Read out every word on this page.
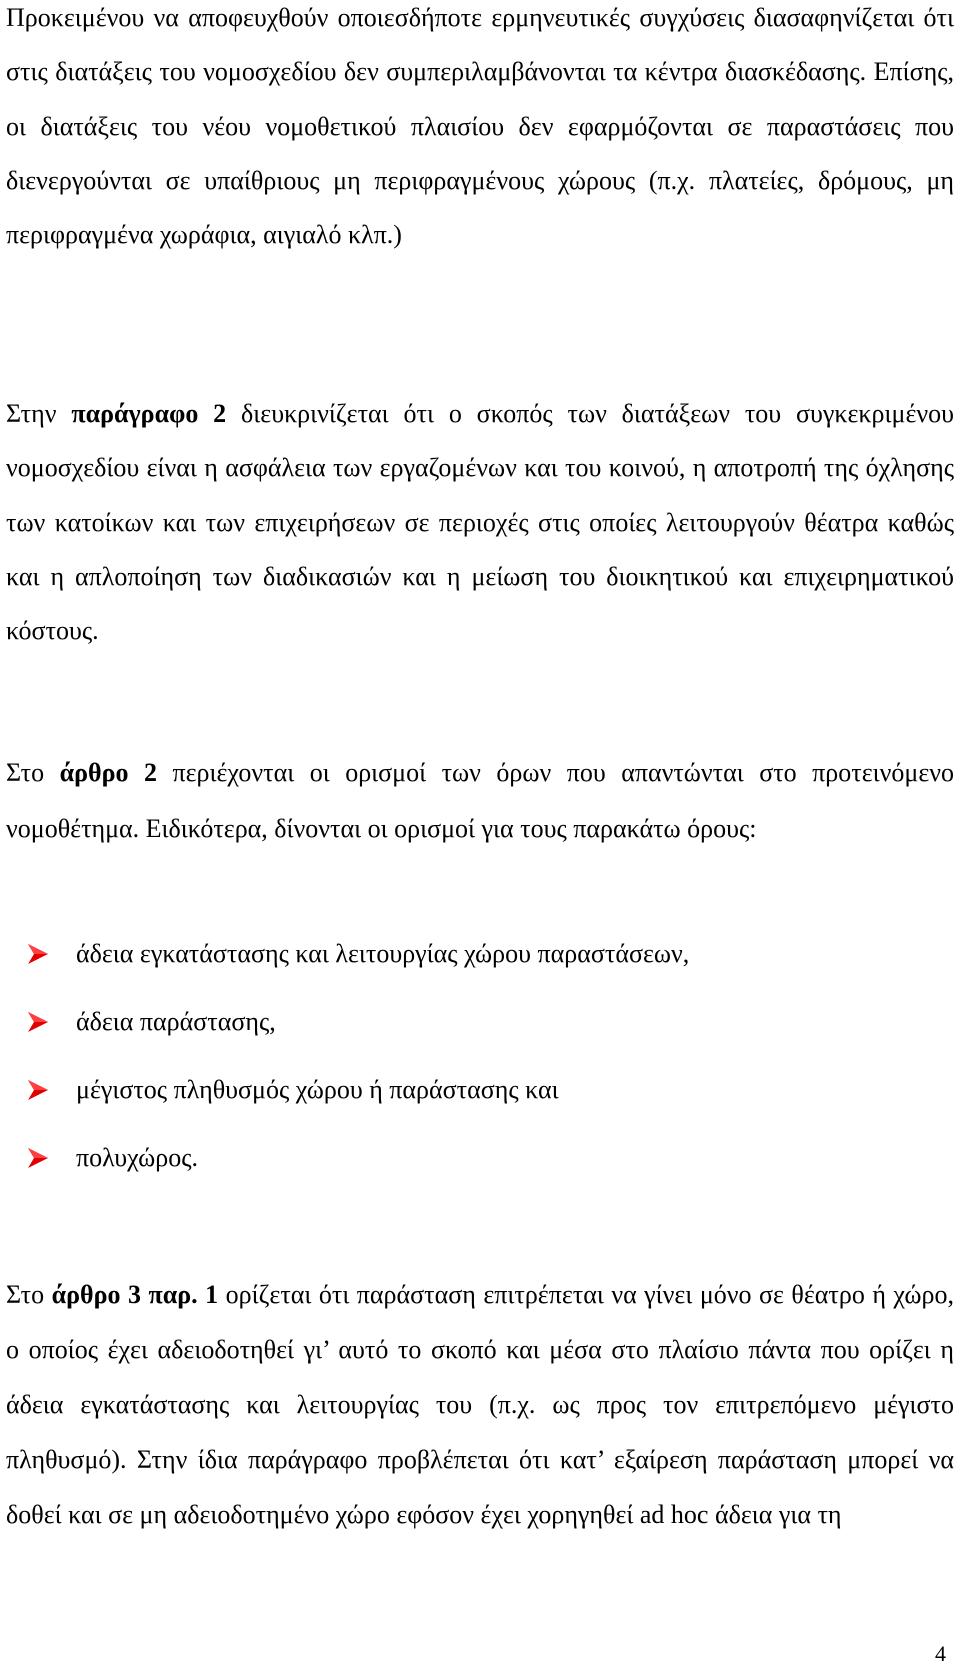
Προκειμένου να αποφευχθούν οποιεσδήποτε ερμηνευτικές συγχύσεις διασαφηνίζεται ότι στις διατάξεις του νομοσχεδίου δεν συμπεριλαμβάνονται τα κέντρα διασκέδασης. Επίσης, οι διατάξεις του νέου νομοθετικού πλαισίου δεν εφαρμόζονται σε παραστάσεις που διενεργούνται σε υπαίθριους μη περιφραγμένους χώρους (π.χ. πλατείες, δρόμους, μη περιφραγμένα χωράφια, αιγιαλό κλπ.)

Στην παράγραφο 2 διευκρινίζεται ότι ο σκοπός των διατάξεων του συγκεκριμένου νομοσχεδίου είναι η ασφάλεια των εργαζομένων και του κοινού, η αποτροπή της όχλησης των κατοίκων και των επιχειρήσεων σε περιοχές στις οποίες λειτουργούν θέατρα καθώς και η απλοποίηση των διαδικασιών και η μείωση του διοικητικού και επιχειρηματικού κόστους.

Στο άρθρο 2 περιέχονται οι ορισμοί των όρων που απαντώνται στο προτεινόμενο νομοθέτημα. Ειδικότερα, δίνονται οι ορισμοί για τους παρακάτω όρους:

άδεια εγκατάστασης και λειτουργίας χώρου παραστάσεων,
άδεια παράστασης,
μέγιστος πληθυσμός χώρου ή παράστασης και
πολυχώρος.

Στο άρθρο 3 παρ. 1 ορίζεται ότι παράσταση επιτρέπεται να γίνει μόνο σε θέατρο ή χώρο, ο οποίος έχει αδειοδοτηθεί γι’ αυτό το σκοπό και μέσα στο πλαίσιο πάντα που ορίζει η άδεια εγκατάστασης και λειτουργίας του (π.χ. ως προς τον επιτρεπόμενο μέγιστο πληθυσμό). Στην ίδια παράγραφο προβλέπεται ότι κατ’ εξαίρεση παράσταση μπορεί να δοθεί και σε μη αδειοδοτημένο χώρο εφόσον έχει χορηγηθεί ad hoc άδεια για τη

4
